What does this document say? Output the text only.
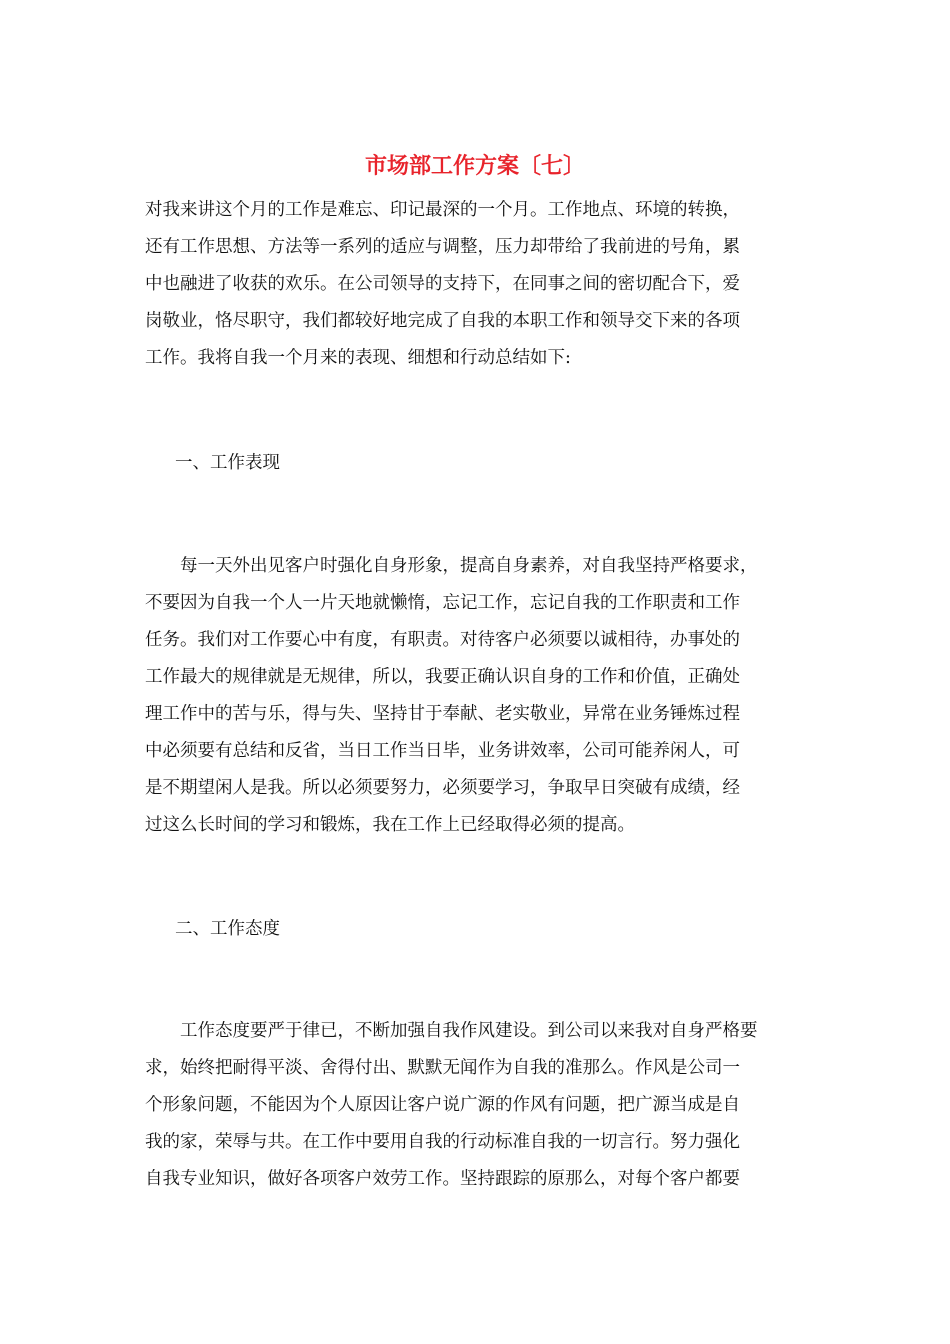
市场部工作方案〔七〕
对我来讲这个月的工作是难忘、印记最深的一个月。工作地点、环境的转换，
还有工作思想、方法等一系列的适应与调整，压力却带给了我前进的号角，累
中也融进了收获的欢乐。在公司领导的支持下，在同事之间的密切配合下，爱
岗敬业，恪尽职守，我们都较好地完成了自我的本职工作和领导交下来的各项
工作。我将自我一个月来的表现、细想和行动总结如下:
一、工作表现
　　每一天外出见客户时强化自身形象，提高自身素养，对自我坚持严格要求，
不要因为自我一个人一片天地就懒惰，忘记工作，忘记自我的工作职责和工作
任务。我们对工作要心中有度，有职责。对待客户必须要以诚相待，办事处的
工作最大的规律就是无规律，所以，我要正确认识自身的工作和价值，正确处
理工作中的苦与乐，得与失、坚持甘于奉献、老实敬业，异常在业务锤炼过程
中必须要有总结和反省，当日工作当日毕，业务讲效率，公司可能养闲人，可
是不期望闲人是我。所以必须要努力，必须要学习，争取早日突破有成绩，经
过这么长时间的学习和锻炼，我在工作上已经取得必须的提高。
二、工作态度
　　工作态度要严于律已，不断加强自我作风建设。到公司以来我对自身严格要
求，始终把耐得平淡、舍得付出、默默无闻作为自我的准那么。作风是公司一
个形象问题，不能因为个人原因让客户说广源的作风有问题，把广源当成是自
我的家，荣辱与共。在工作中要用自我的行动标准自我的一切言行。努力强化
自我专业知识，做好各项客户效劳工作。坚持跟踪的原那么，对每个客户都要
